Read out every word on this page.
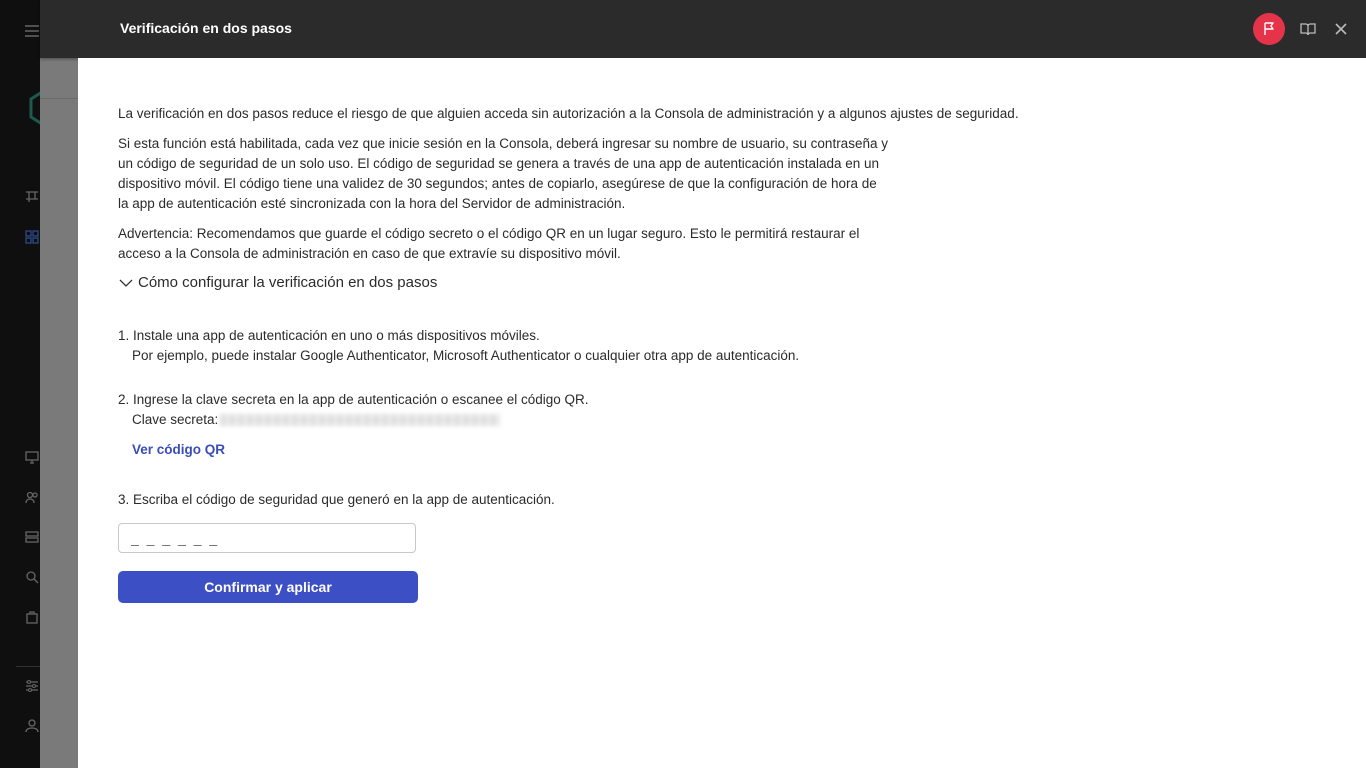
Verificación en dos pasos

La verificación en dos pasos reduce el riesgo de que alguien acceda sin autorización a la Consola de administración y a algunos ajustes de seguridad.

Si esta función está habilitada, cada vez que inicie sesión en la Consola, deberá ingresar su nombre de usuario, su contraseña y un código de seguridad de un solo uso. El código de seguridad se genera a través de una app de autenticación instalada en un dispositivo móvil. El código tiene una validez de 30 segundos; antes de copiarlo, asegúrese de que la configuración de hora de la app de autenticación esté sincronizada con la hora del Servidor de administración.

Advertencia: Recomendamos que guarde el código secreto o el código QR en un lugar seguro. Esto le permitirá restaurar el acceso a la Consola de administración en caso de que extravíe su dispositivo móvil.

Cómo configurar la verificación en dos pasos
1. Instale una app de autenticación en uno o más dispositivos móviles.
Por ejemplo, puede instalar Google Authenticator, Microsoft Authenticator o cualquier otra app de autenticación.
2. Ingrese la clave secreta en la app de autenticación o escanee el código QR.
Clave secreta:
Ver código QR
3. Escriba el código de seguridad que generó en la app de autenticación.
_ _ _ _ _ _
Confirmar y aplicar
